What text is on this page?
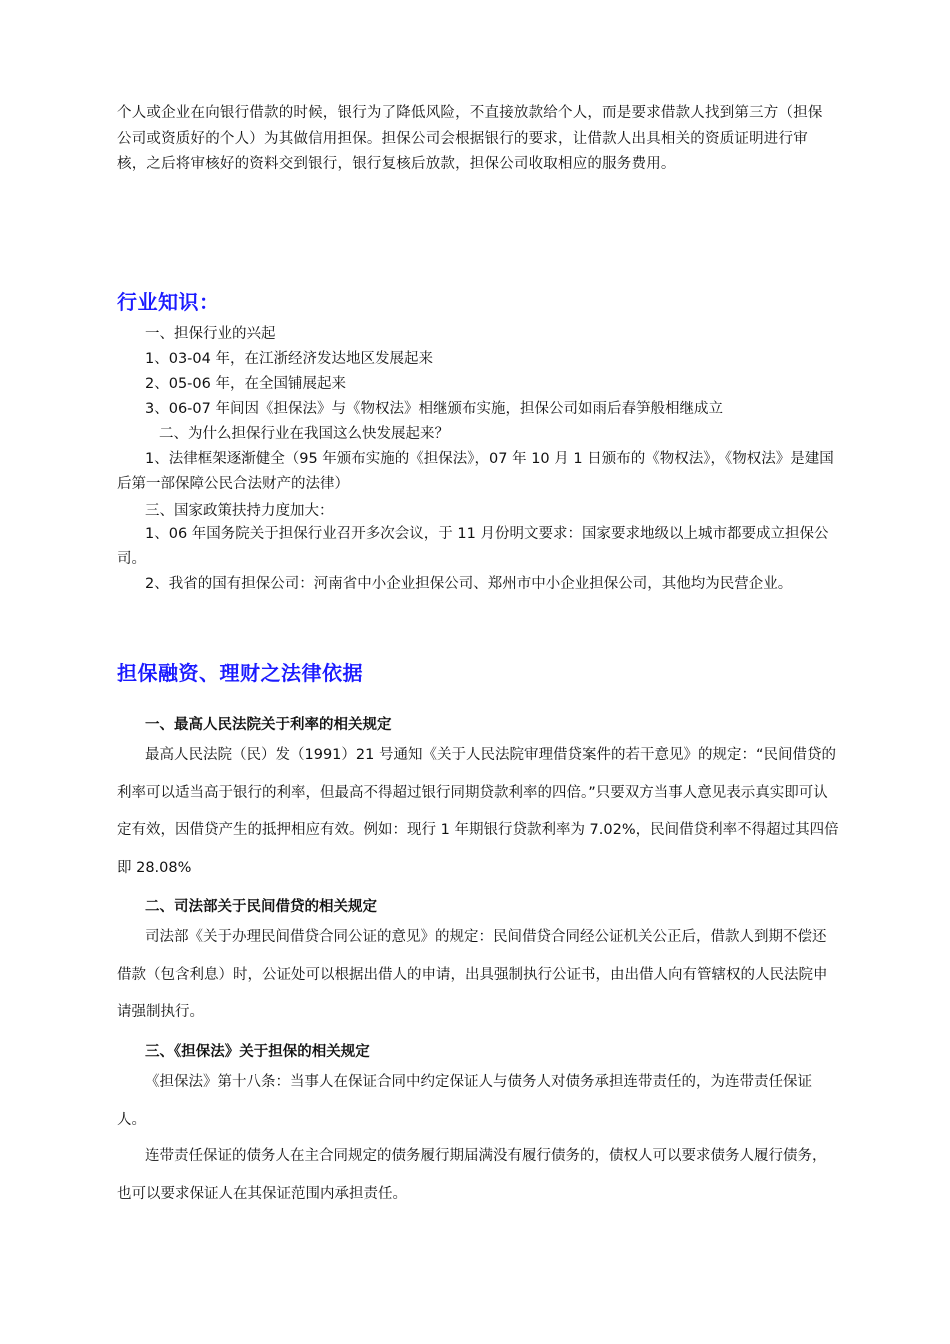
个人或企业在向银行借款的时候，银行为了降低风险，不直接放款给个人，而是要求借款人找到第三方（担保公司或资质好的个人）为其做信用担保。担保公司会根据银行的要求，让借款人出具相关的资质证明进行审核，之后将审核好的资料交到银行，银行复核后放款，担保公司收取相应的服务费用。

行业知识：

一、担保行业的兴起

1、03-04 年，在江浙经济发达地区发展起来

2、05-06 年，在全国铺展起来

3、06-07 年间因《担保法》与《物权法》相继颁布实施，担保公司如雨后春笋般相继成立

二、为什么担保行业在我国这么快发展起来？

1、法律框架逐渐健全（95 年颁布实施的《担保法》，07 年 10 月 1 日颁布的《物权法》，《物权法》是建国后第一部保障公民合法财产的法律）

三、国家政策扶持力度加大：

1、06 年国务院关于担保行业召开多次会议，于 11 月份明文要求：国家要求地级以上城市都要成立担保公司。

2、我省的国有担保公司：河南省中小企业担保公司、郑州市中小企业担保公司，其他均为民营企业。

担保融资、理财之法律依据

一、最高人民法院关于利率的相关规定

最高人民法院（民）发（1991）21 号通知《关于人民法院审理借贷案件的若干意见》的规定：“民间借贷的利率可以适当高于银行的利率，但最高不得超过银行同期贷款利率的四倍。”只要双方当事人意见表示真实即可认定有效，因借贷产生的抵押相应有效。例如：现行 1 年期银行贷款利率为 7.02%，民间借贷利率不得超过其四倍即 28.08%

二、司法部关于民间借贷的相关规定

司法部《关于办理民间借贷合同公证的意见》的规定：民间借贷合同经公证机关公正后，借款人到期不偿还借款（包含利息）时，公证处可以根据出借人的申请，出具强制执行公证书，由出借人向有管辖权的人民法院申请强制执行。

三、《担保法》关于担保的相关规定

《担保法》第十八条：当事人在保证合同中约定保证人与债务人对债务承担连带责任的，为连带责任保证人。

连带责任保证的债务人在主合同规定的债务履行期届满没有履行债务的，债权人可以要求债务人履行债务，也可以要求保证人在其保证范围内承担责任。
